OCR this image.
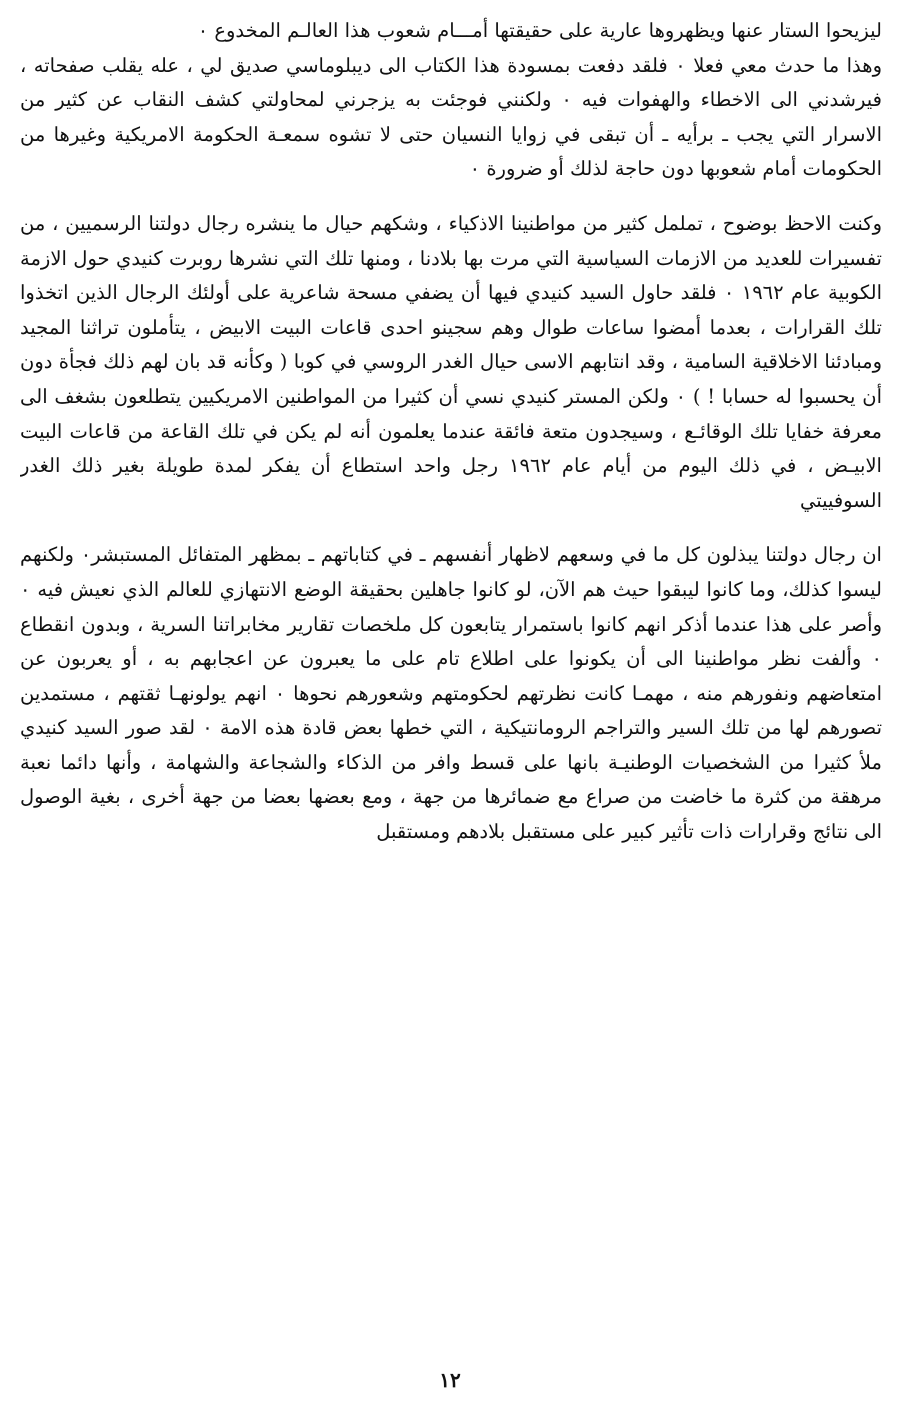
ليزيحوا الستار عنها ويظهروها عارية على حقيقتها أمـــام شعوب هذا العالـم المخدوع ٠

وهذا ما حدث معي فعلا ٠ فلقد دفعت بمسودة هذا الكتاب الى ديبلوماسي صديق لي ، عله يقلب صفحاته ، فيرشدني الى الاخطاء والهفوات فيه ٠ ولكنني فوجئت به يزجرني لمحاولتي كشف النقاب عن كثير من الاسرار التي يجب ـ برأيه ـ أن تبقى في زوايا النسيان حتى لا تشوه سمعـة الحكومة الامريكية وغيرها من الحكومات أمام شعوبها دون حاجة لذلك أو ضرورة ٠

وكنت الاحظ بوضوح ، تململ كثير من مواطنينا الاذكياء ، وشكهم حيال ما ينشره رجال دولتنا الرسميين ، من تفسيرات للعديد من الازمات السياسية التي مرت بها بلادنا ، ومنها تلك التي نشرها روبرت كنيدي حول الازمة الكوبية عام ١٩٦٢ ٠ فلقد حاول السيد كنيدي فيها أن يضفي مسحة شاعرية على أولئك الرجال الذين اتخذوا تلك القرارات ، بعدما أمضوا ساعات طوال وهم سجينو احدى قاعات البيت الابيض ، يتأملون تراثنا المجيد ومبادئنا الاخلاقية السامية ، وقد انتابهم الاسى حيال الغدر الروسي في كوبا ( وكأنه قد بان لهم ذلك فجأة دون أن يحسبوا له حسابا ! ) ٠ ولكن المستر كنيدي نسي أن كثيرا من المواطنين الامريكيين يتطلعون بشغف الى معرفة خفايا تلك الوقائـع ، وسيجدون متعة فائقة عندما يعلمون أنه لم يكن في تلك القاعة من قاعات البيت الابيـض ، في ذلك اليوم من أيام عام ١٩٦٢ رجل واحد استطاع أن يفكر لمدة طويلة بغير ذلك الغدر السوفييتي

ان رجال دولتنا يبذلون كل ما في وسعهم لاظهار أنفسهم ـ في كتاباتهم ـ بمظهر المتفائل المستبشر٠ ولكنهم ليسوا كذلك، وما كانوا ليبقوا حيث هم الآن، لو كانوا جاهلين بحقيقة الوضع الانتهازي للعالم الذي نعيش فيه ٠ وأصر على هذا عندما أذكر انهم كانوا باستمرار يتابعون كل ملخصات تقارير مخابراتنا السرية ، وبدون انقطاع ٠ وألفت نظر مواطنينا الى أن يكونوا على اطلاع تام على ما يعبرون عن اعجابهم به ، أو يعربون عن امتعاضهم ونفورهم منه ، مهمـا كانت نظرتهم لحكومتهم وشعورهم نحوها ٠ انهم يولونهـا ثقتهم ، مستمدين تصورهم لها من تلك السير والتراجم الرومانتيكية ، التي خطها بعض قادة هذه الامة ٠ لقد صور السيد كنيدي ملأ كثيرا من الشخصيات الوطنيـة بانها على قسط وافر من الذكاء والشجاعة والشهامة ، وأنها دائما نعبة مرهقة من كثرة ما خاضت من صراع مع ضمائرها من جهة ، ومع بعضها بعضا من جهة أخرى ، بغية الوصول الى نتائج وقرارات ذات تأثير كبير على مستقبل بلادهم ومستقبل

١٢
